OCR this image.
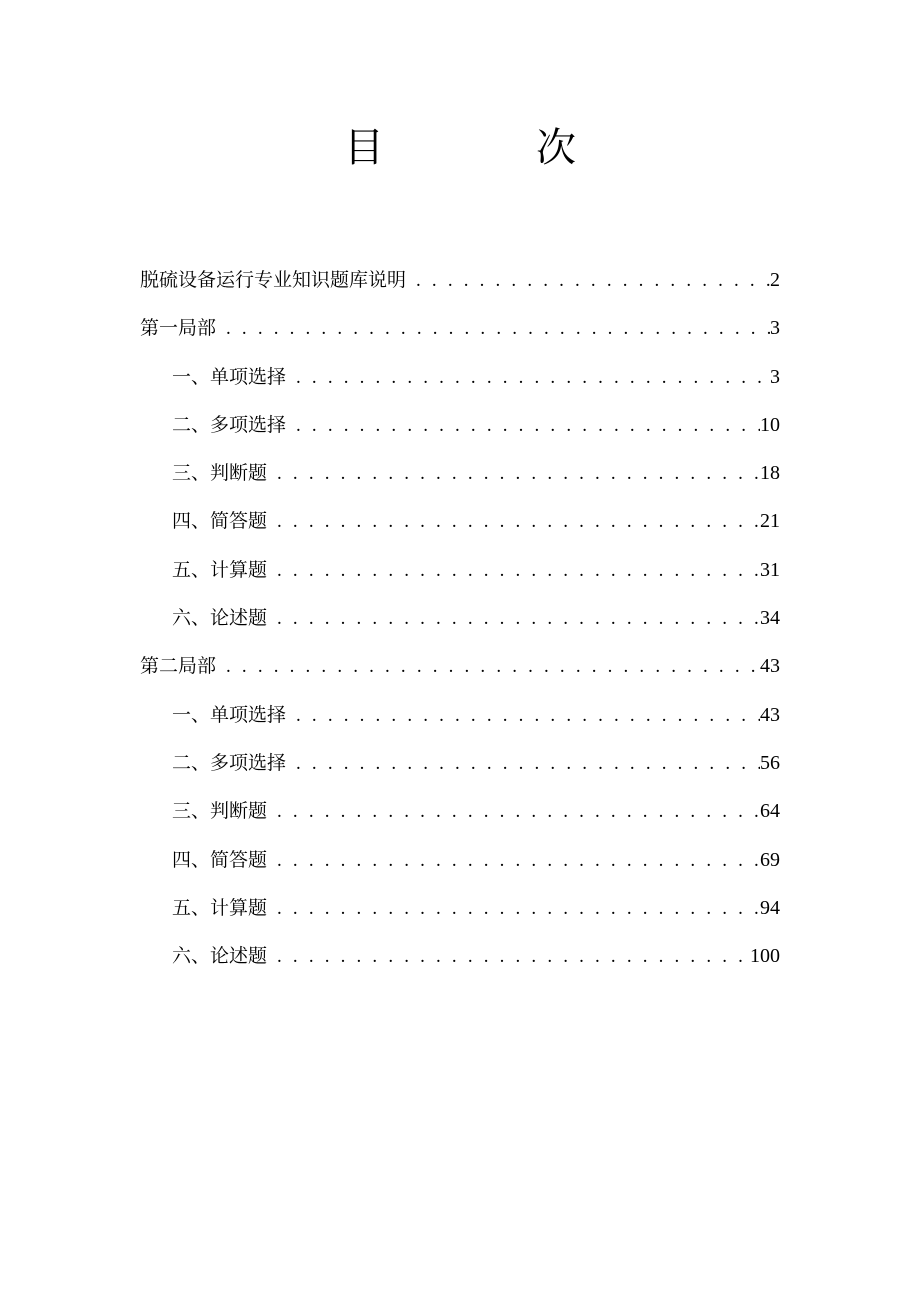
目　次
脱硫设备运行专业知识题库说明 . . .	2
第一局部 . . .	3
一、单项选择 . . .	3
二、多项选择 . . .	10
三、判断题 . . .	18
四、简答题 . . .	21
五、计算题 . . .	31
六、论述题 . . .	34
第二局部 . . .	43
一、单项选择 . . .	43
二、多项选择 . . .	56
三、判断题 . . .	64
四、简答题 . . .	69
五、计算题 . . .	94
六、论述题 . . .	100
